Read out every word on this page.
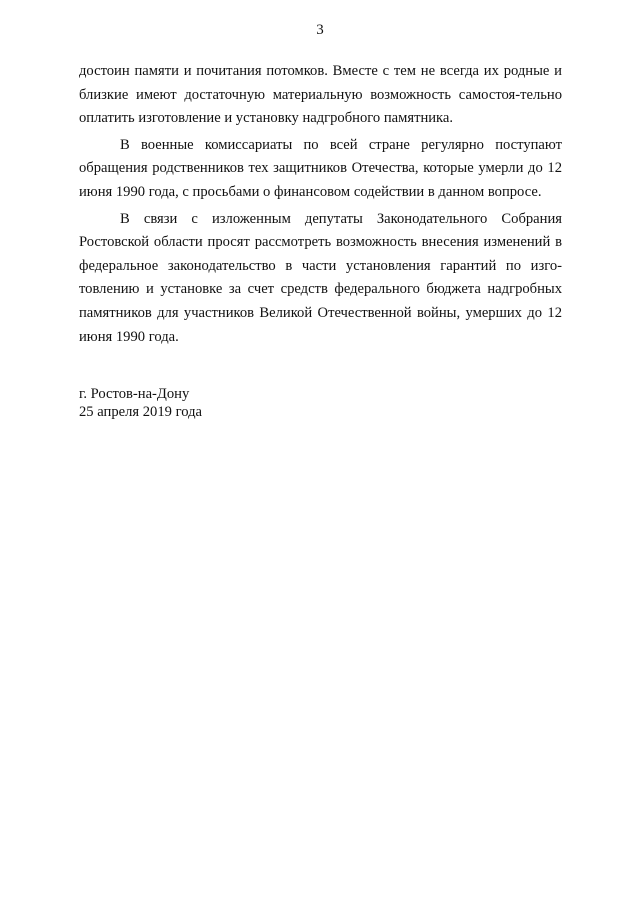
3

достоин памяти и почитания потомков. Вместе с тем не всегда их родные и близкие имеют достаточную материальную возможность самостоя-тельно оплатить изготовление и установку надгробного памятника.

В военные комиссариаты по всей стране регулярно поступают обращения родственников тех защитников Отечества, которые умерли до 12 июня 1990 года, с просьбами о финансовом содействии в данном вопросе.

В связи с изложенным депутаты Законодательного Собрания Ростовской области просят рассмотреть возможность внесения изменений в федеральное законодательство в части установления гарантий по изго-товлению и установке за счет средств федерального бюджета надгробных памятников для участников Великой Отечественной войны, умерших до 12 июня 1990 года.

г. Ростов-на-Дону
25 апреля 2019 года
